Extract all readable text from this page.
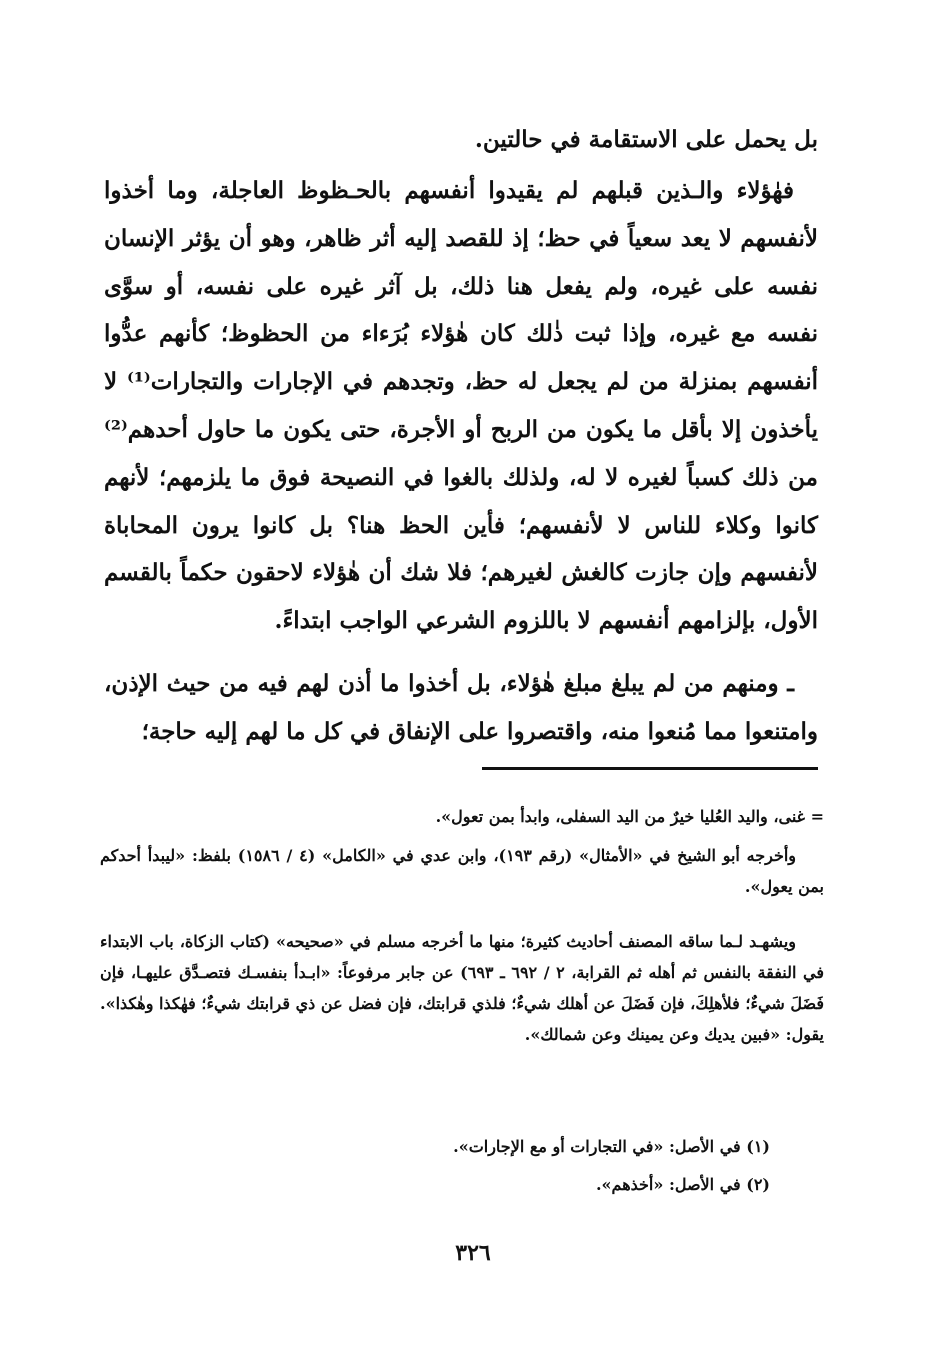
بل يحمل على الاستقامة في حالتين.

فهٰؤلاء والـذين قبلهم لم يقيدوا أنفسهم بالحـظوظ العاجلة، وما أخذوا لأنفسهم لا يعد سعياً في حظ؛ إذ للقصد إليه أثر ظاهر، وهو أن يؤثر الإنسان نفسه على غيره، ولم يفعل هنا ذلك، بل آثر غيره على نفسه، أو سوَّى نفسه مع غيره، وإذا ثبت ذٰلك كان هٰؤلاء بُرَءاء من الحظوظ؛ كأنهم عدُّوا أنفسهم بمنزلة من لم يجعل له حظ، وتجدهم في الإجارات والتجارات⁽¹⁾ لا يأخذون إلا بأقل ما يكون من الربح أو الأجرة، حتى يكون ما حاول أحدهم⁽²⁾ من ذلك كسباً لغيره لا له، ولذلك بالغوا في النصيحة فوق ما يلزمهم؛ لأنهم كانوا وكلاء للناس لا لأنفسهم؛ فأين الحظ هنا؟ بل كانوا يرون المحاباة لأنفسهم وإن جازت كالغش لغيرهم؛ فلا شك أن هٰؤلاء لاحقون حكماً بالقسم الأول، بإلزامهم أنفسهم لا باللزوم الشرعي الواجب ابتداءً.

ـ ومنهم من لم يبلغ مبلغ هٰؤلاء، بل أخذوا ما أذن لهم فيه من حيث الإذن، وامتنعوا مما مُنعوا منه، واقتصروا على الإنفاق في كل ما لهم إليه حاجة؛

= غنى، واليد العُليا خيرٌ من اليد السفلى، وابدأ بمن تعول».

وأخرجه أبو الشيخ في «الأمثال» (رقم ١٩٣)، وابن عدي في «الكامل» (٤ / ١٥٨٦) بلفظ: «ليبدأ أحدكم بمن يعول».

ويشهـد لـما ساقه المصنف أحاديث كثيرة؛ منها ما أخرجه مسلم في «صحيحه» (كتاب الزكاة، باب الابتداء في النفقة بالنفس ثم أهله ثم القرابة، ٢ / ٦٩٢ ـ ٦٩٣) عن جابر مرفوعاً: «ابـدأ بنفسـك فتصـدَّق عليهـا، فإن فَضَلَ شيءٌ؛ فلأهلِكَ، فإن فَضَلَ عن أهلك شيءٌ؛ فلذي قرابتك، فإن فضل عن ذي قرابتك شيءٌ؛ فهٰكذا وهٰكذا». يقول: «فبين يديك وعن يمينك وعن شمالك».

(١) في الأصل: «في التجارات أو مع الإجارات».

(٢) في الأصل: «أخذهم».

٣٢٦
